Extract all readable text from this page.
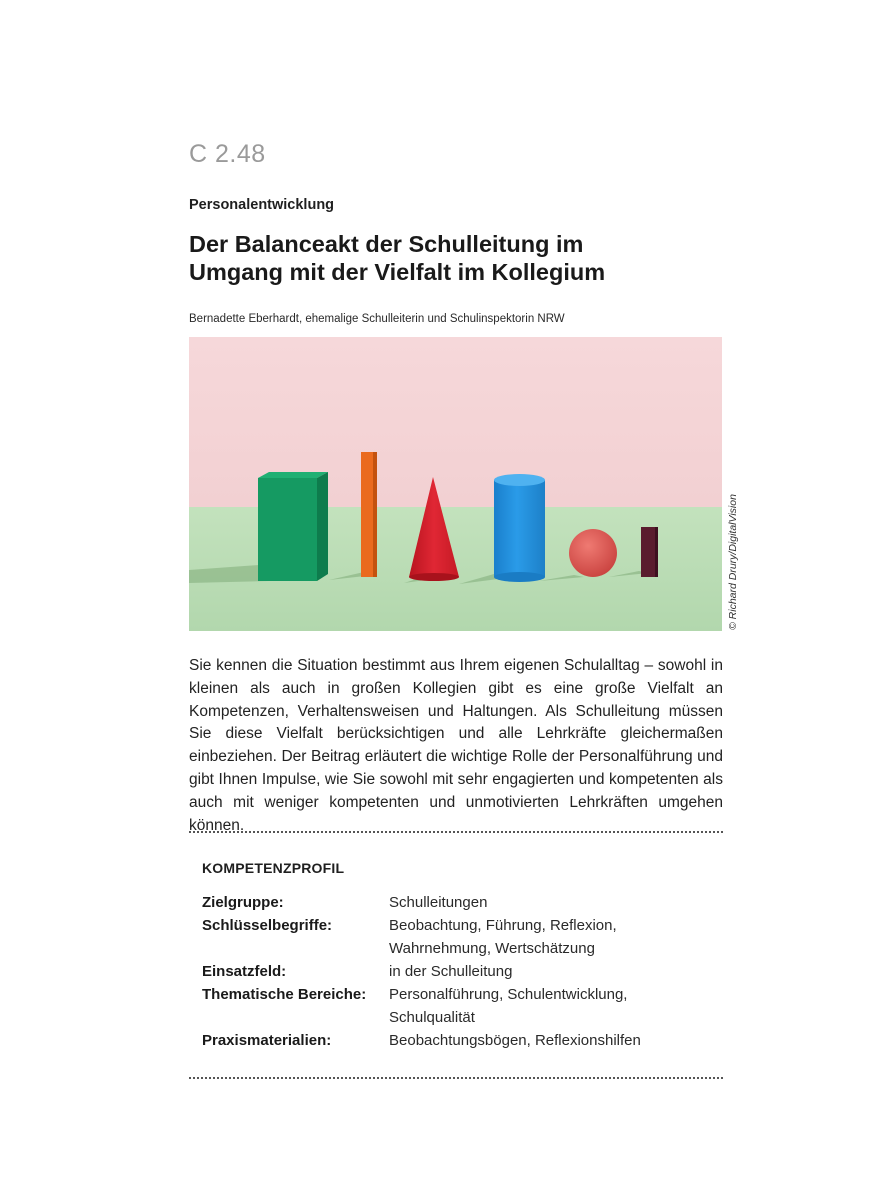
C 2.48
Personalentwicklung
Der Balanceakt der Schulleitung im
Umgang mit der Vielfalt im Kollegium
Bernadette Eberhardt, ehemalige Schulleiterin und Schulinspektorin NRW
© Richard Drury/DigitalVision

Sie kennen die Situation bestimmt aus Ihrem eigenen Schulalltag – sowohl in kleinen als auch in großen Kollegien gibt es eine große Vielfalt an Kompetenzen, Verhaltensweisen und Haltungen. Als Schulleitung müssen Sie diese Vielfalt berücksichtigen und alle Lehrkräfte gleichermaßen einbeziehen. Der Beitrag erläutert die wichtige Rolle der Personalführung und gibt Ihnen Impulse, wie Sie sowohl mit sehr engagierten und kompetenten als auch mit weniger kompetenten und unmotivierten Lehrkräften umgehen können.

KOMPETENZPROFIL
Zielgruppe:	Schulleitungen
Schlüsselbegriffe:	Beobachtung, Führung, Reflexion, Wahrnehmung, Wertschätzung
Einsatzfeld:	in der Schulleitung
Thematische Bereiche:	Personalführung, Schulentwicklung, Schulqualität
Praxismaterialien:	Beobachtungsbögen, Reflexionshilfen
